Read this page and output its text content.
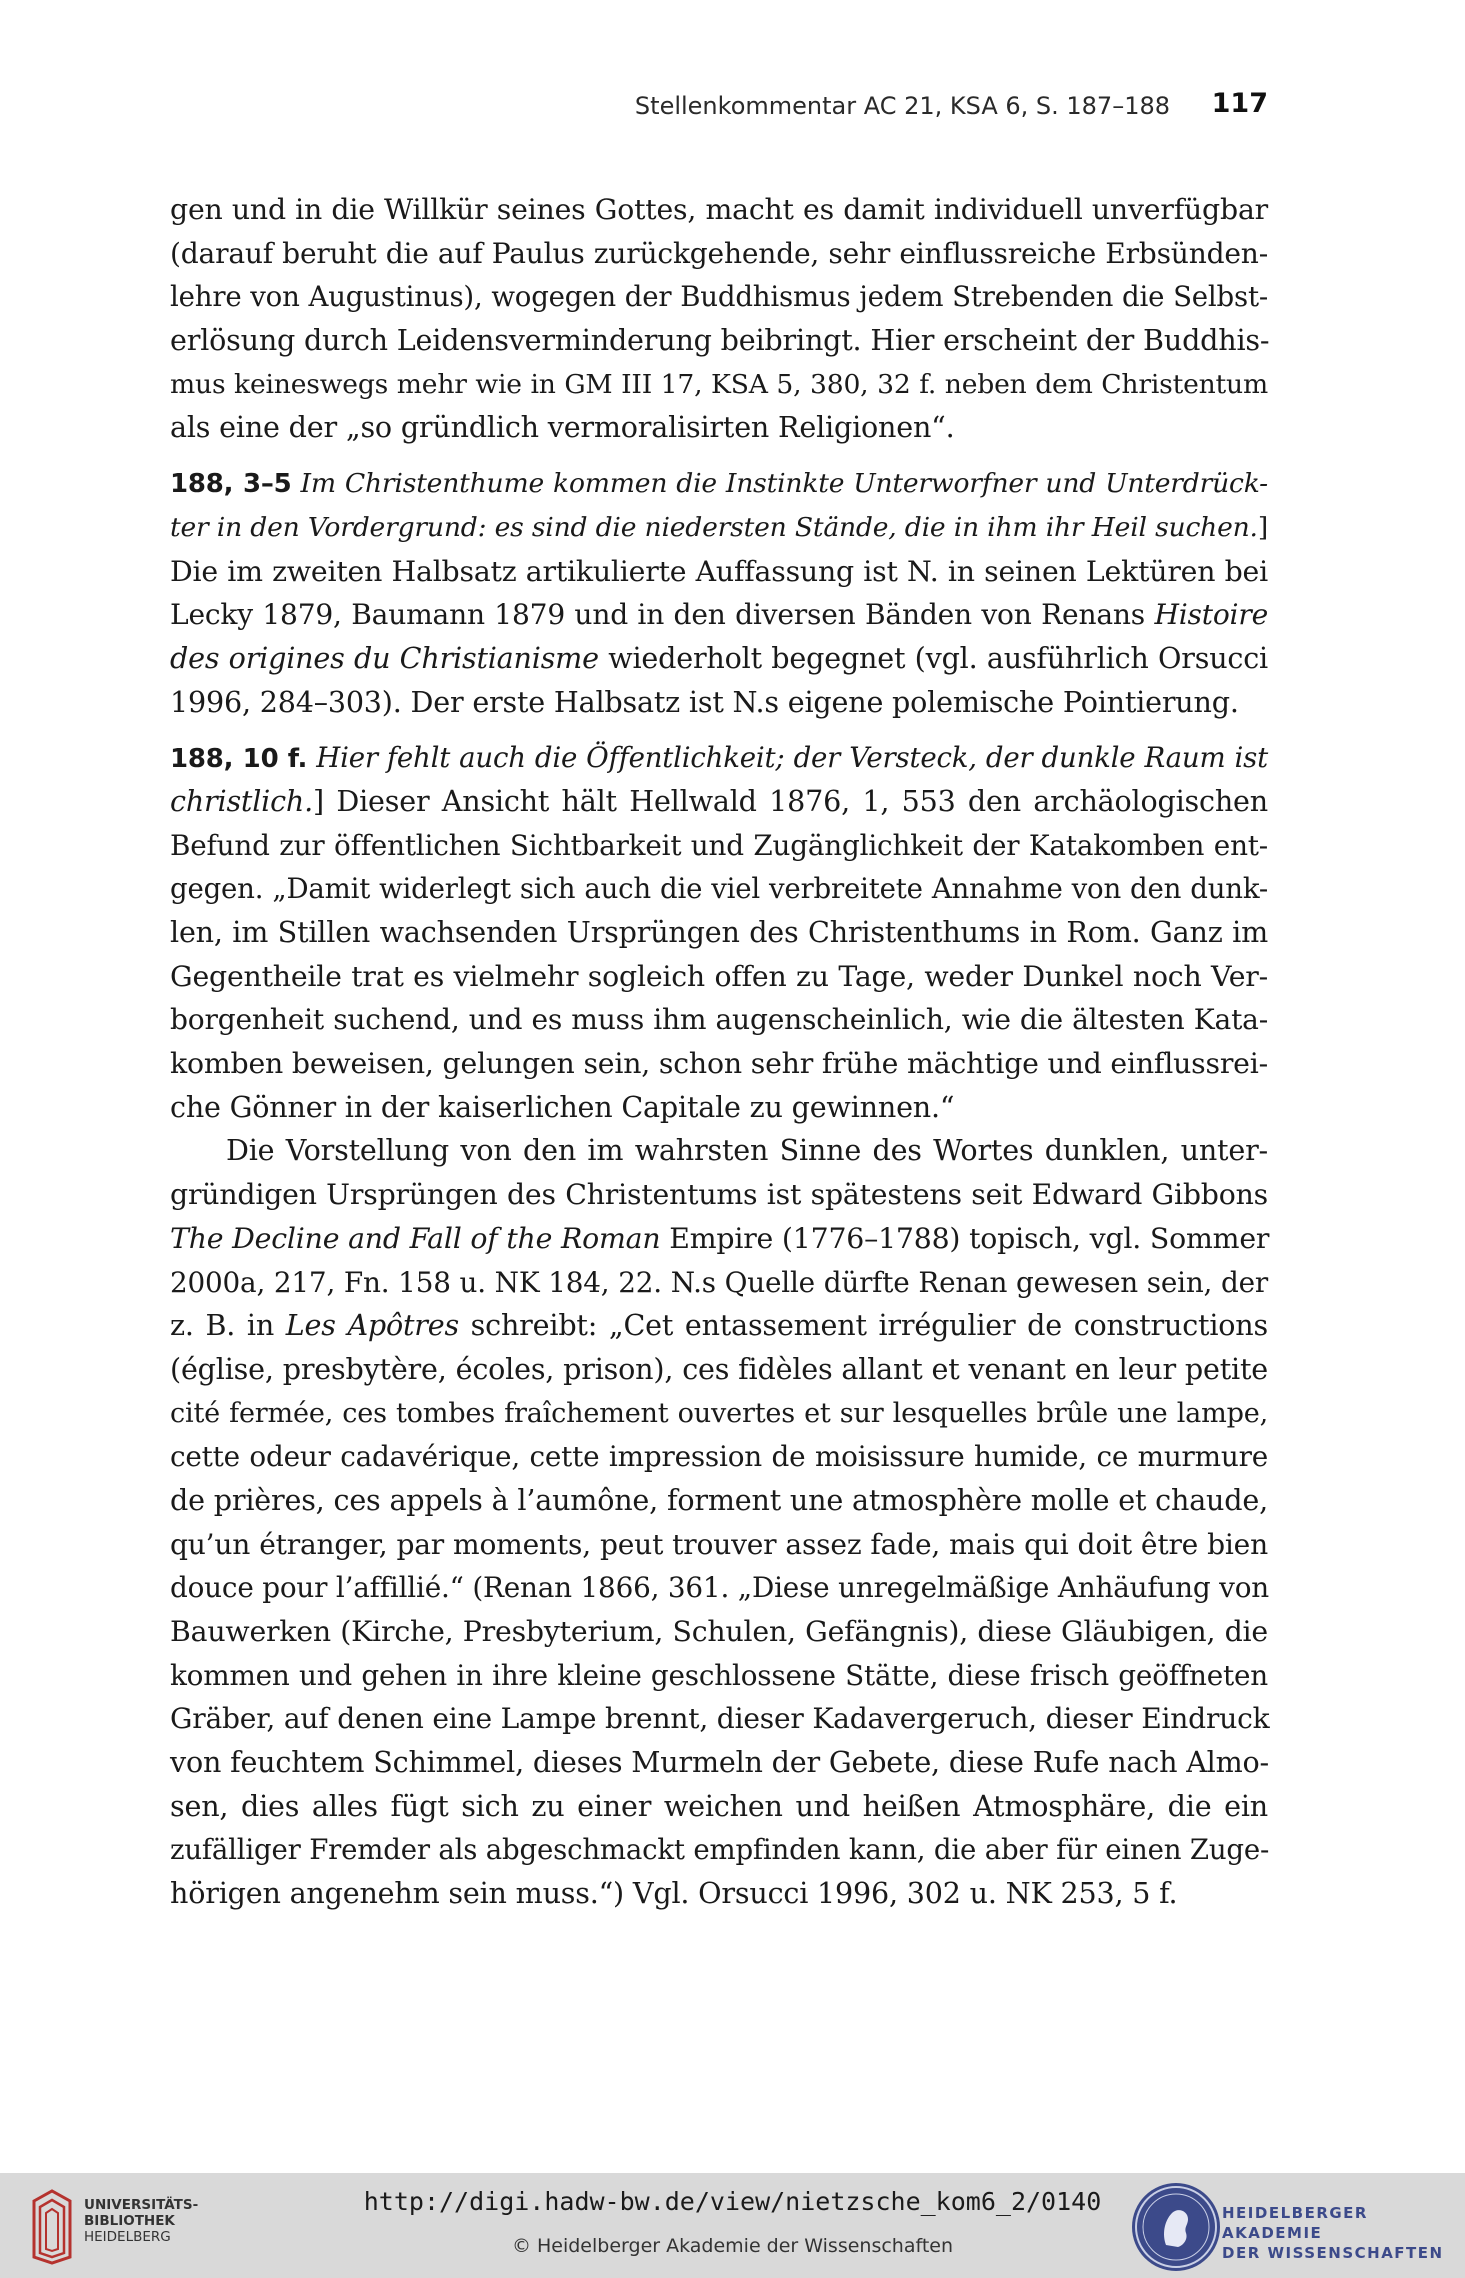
Stellenkommentar AC 21, KSA 6, S. 187–188 117
gen und in die Willkür seines Gottes, macht es damit individuell unverfügbar
(darauf beruht die auf Paulus zurückgehende, sehr einflussreiche Erbsünden-
lehre von Augustinus), wogegen der Buddhismus jedem Strebenden die Selbst-
erlösung durch Leidensverminderung beibringt. Hier erscheint der Buddhis-
mus keineswegs mehr wie in GM III 17, KSA 5, 380, 32 f. neben dem Christentum
als eine der „so gründlich vermoralisirten Religionen“.
188, 3–5 Im Christenthume kommen die Instinkte Unterworfner und Unterdrück-
ter in den Vordergrund: es sind die niedersten Stände, die in ihm ihr Heil suchen.]
Die im zweiten Halbsatz artikulierte Auffassung ist N. in seinen Lektüren bei
Lecky 1879, Baumann 1879 und in den diversen Bänden von Renans Histoire
des origines du Christianisme wiederholt begegnet (vgl. ausführlich Orsucci
1996, 284–303). Der erste Halbsatz ist N.s eigene polemische Pointierung.
188, 10 f. Hier fehlt auch die Öffentlichkeit; der Versteck, der dunkle Raum ist
christlich.] Dieser Ansicht hält Hellwald 1876, 1, 553 den archäologischen
Befund zur öffentlichen Sichtbarkeit und Zugänglichkeit der Katakomben ent-
gegen. „Damit widerlegt sich auch die viel verbreitete Annahme von den dunk-
len, im Stillen wachsenden Ursprüngen des Christenthums in Rom. Ganz im
Gegentheile trat es vielmehr sogleich offen zu Tage, weder Dunkel noch Ver-
borgenheit suchend, und es muss ihm augenscheinlich, wie die ältesten Kata-
komben beweisen, gelungen sein, schon sehr frühe mächtige und einflussrei-
che Gönner in der kaiserlichen Capitale zu gewinnen.“
Die Vorstellung von den im wahrsten Sinne des Wortes dunklen, unter-
gründigen Ursprüngen des Christentums ist spätestens seit Edward Gibbons
The Decline and Fall of the Roman Empire (1776–1788) topisch, vgl. Sommer
2000a, 217, Fn. 158 u. NK 184, 22. N.s Quelle dürfte Renan gewesen sein, der
z. B. in Les Apôtres schreibt: „Cet entassement irrégulier de constructions
(église, presbytère, écoles, prison), ces fidèles allant et venant en leur petite
cité fermée, ces tombes fraîchement ouvertes et sur lesquelles brûle une lampe,
cette odeur cadavérique, cette impression de moisissure humide, ce murmure
de prières, ces appels à l’aumône, forment une atmosphère molle et chaude,
qu’un étranger, par moments, peut trouver assez fade, mais qui doit être bien
douce pour l’affillié.“ (Renan 1866, 361. „Diese unregelmäßige Anhäufung von
Bauwerken (Kirche, Presbyterium, Schulen, Gefängnis), diese Gläubigen, die
kommen und gehen in ihre kleine geschlossene Stätte, diese frisch geöffneten
Gräber, auf denen eine Lampe brennt, dieser Kadavergeruch, dieser Eindruck
von feuchtem Schimmel, dieses Murmeln der Gebete, diese Rufe nach Almo-
sen, dies alles fügt sich zu einer weichen und heißen Atmosphäre, die ein
zufälliger Fremder als abgeschmackt empfinden kann, die aber für einen Zuge-
hörigen angenehm sein muss.“) Vgl. Orsucci 1996, 302 u. NK 253, 5 f.
UNIVERSITÄTS-
BIBLIOTHEK
HEIDELBERG
http://digi.hadw-bw.de/view/nietzsche_kom6_2/0140
© Heidelberger Akademie der Wissenschaften
HEIDELBERGER AKADEMIE
DER WISSENSCHAFTEN
